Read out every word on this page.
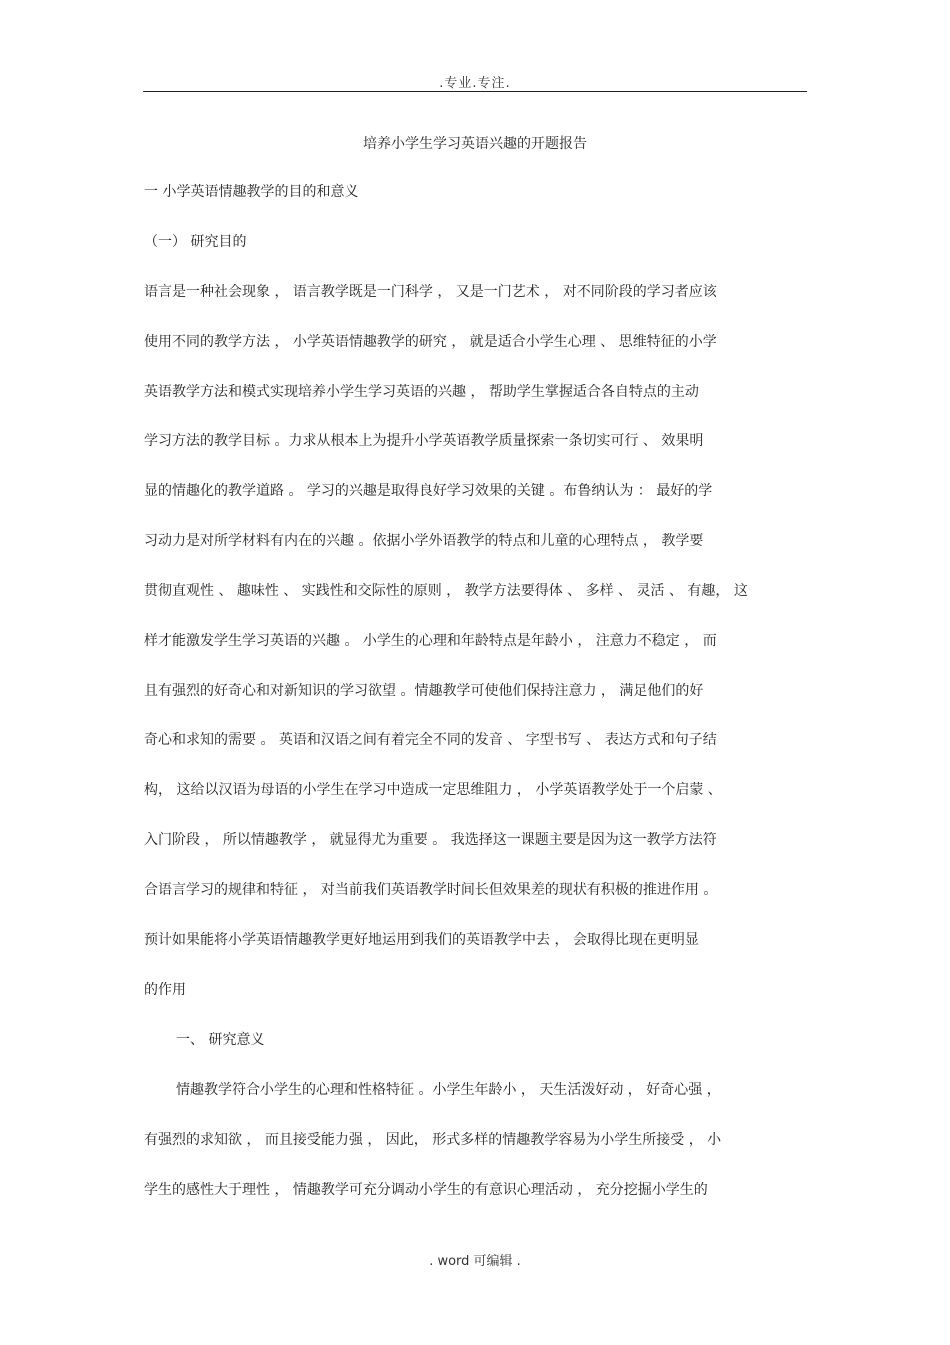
.专业.专注.
培养小学生学习英语兴趣的开题报告
一 小学英语情趣教学的目的和意义
（一） 研究目的
语言是一种社会现象 ， 语言教学既是一门科学 ， 又是一门艺术 ， 对不同阶段的学习者应该
使用不同的教学方法 ， 小学英语情趣教学的研究 ， 就是适合小学生心理 、 思维特征的小学
英语教学方法和模式实现培养小学生学习英语的兴趣 ， 帮助学生掌握适合各自特点的主动
学习方法的教学目标 。力求从根本上为提升小学英语教学质量探索一条切实可行 、 效果明
显的情趣化的教学道路 。 学习的兴趣是取得良好学习效果的关键 。布鲁纳认为 ： 最好的学
习动力是对所学材料有内在的兴趣 。依据小学外语教学的特点和儿童的心理特点 ， 教学要
贯彻直观性 、 趣味性 、 实践性和交际性的原则 ， 教学方法要得体 、 多样 、 灵活 、 有趣， 这
样才能激发学生学习英语的兴趣 。 小学生的心理和年龄特点是年龄小 ， 注意力不稳定 ， 而
且有强烈的好奇心和对新知识的学习欲望 。情趣教学可使他们保持注意力 ， 满足他们的好
奇心和求知的需要 。 英语和汉语之间有着完全不同的发音 、 字型书写 、 表达方式和句子结
构， 这给以汉语为母语的小学生在学习中造成一定思维阻力 ， 小学英语教学处于一个启蒙 、
入门阶段 ， 所以情趣教学 ， 就显得尤为重要 。 我选择这一课题主要是因为这一教学方法符
合语言学习的规律和特征 ， 对当前我们英语教学时间长但效果差的现状有积极的推进作用 。
预计如果能将小学英语情趣教学更好地运用到我们的英语教学中去 ， 会取得比现在更明显
的作用
一、 研究意义
情趣教学符合小学生的心理和性格特征 。小学生年龄小 ， 天生活泼好动 ， 好奇心强 ，
有强烈的求知欲 ， 而且接受能力强 ， 因此， 形式多样的情趣教学容易为小学生所接受 ， 小
学生的感性大于理性 ， 情趣教学可充分调动小学生的有意识心理活动 ， 充分挖掘小学生的
. word 可编辑 .
